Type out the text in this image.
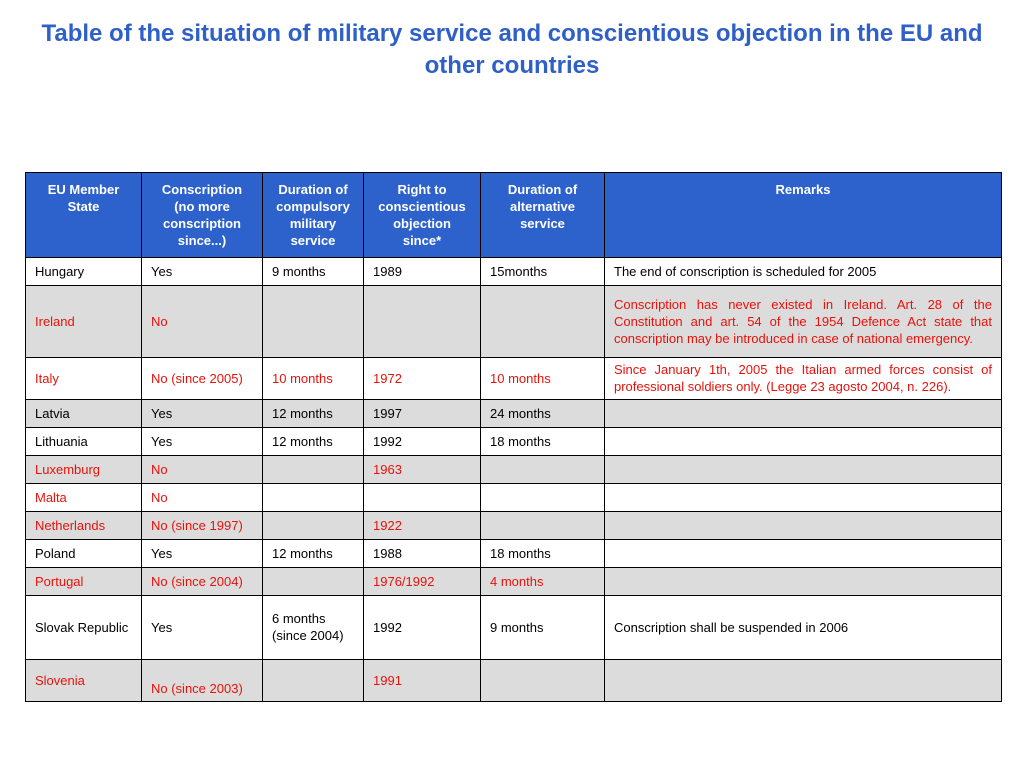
Table of the situation of military service and conscientious objection in the EU and other countries
EU Member State	Conscription (no more conscription since...)	Duration of compulsory military service	Right to conscientious objection since*	Duration of alternative service	Remarks
Hungary	Yes	9 months	1989	15months	The end of conscription is scheduled for 2005
Ireland	No				Conscription has never existed in Ireland. Art. 28 of the Constitution and art. 54 of the 1954 Defence Act state that conscription may be introduced in case of national emergency.
Italy	No (since 2005)	10 months	1972	10 months	Since January 1th, 2005 the Italian armed forces consist of professional soldiers only. (Legge 23 agosto 2004, n. 226).
Latvia	Yes	12 months	1997	24 months	
Lithuania	Yes	12 months	1992	18 months	
Luxemburg	No		1963		
Malta	No				
Netherlands	No (since 1997)		1922		
Poland	Yes	12 months	1988	18 months	
Portugal	No (since 2004)		1976/1992	4 months	
Slovak Republic	Yes	6 months (since 2004)	1992	9 months	Conscription shall be suspended in 2006
Slovenia	No (since 2003)		1991		
